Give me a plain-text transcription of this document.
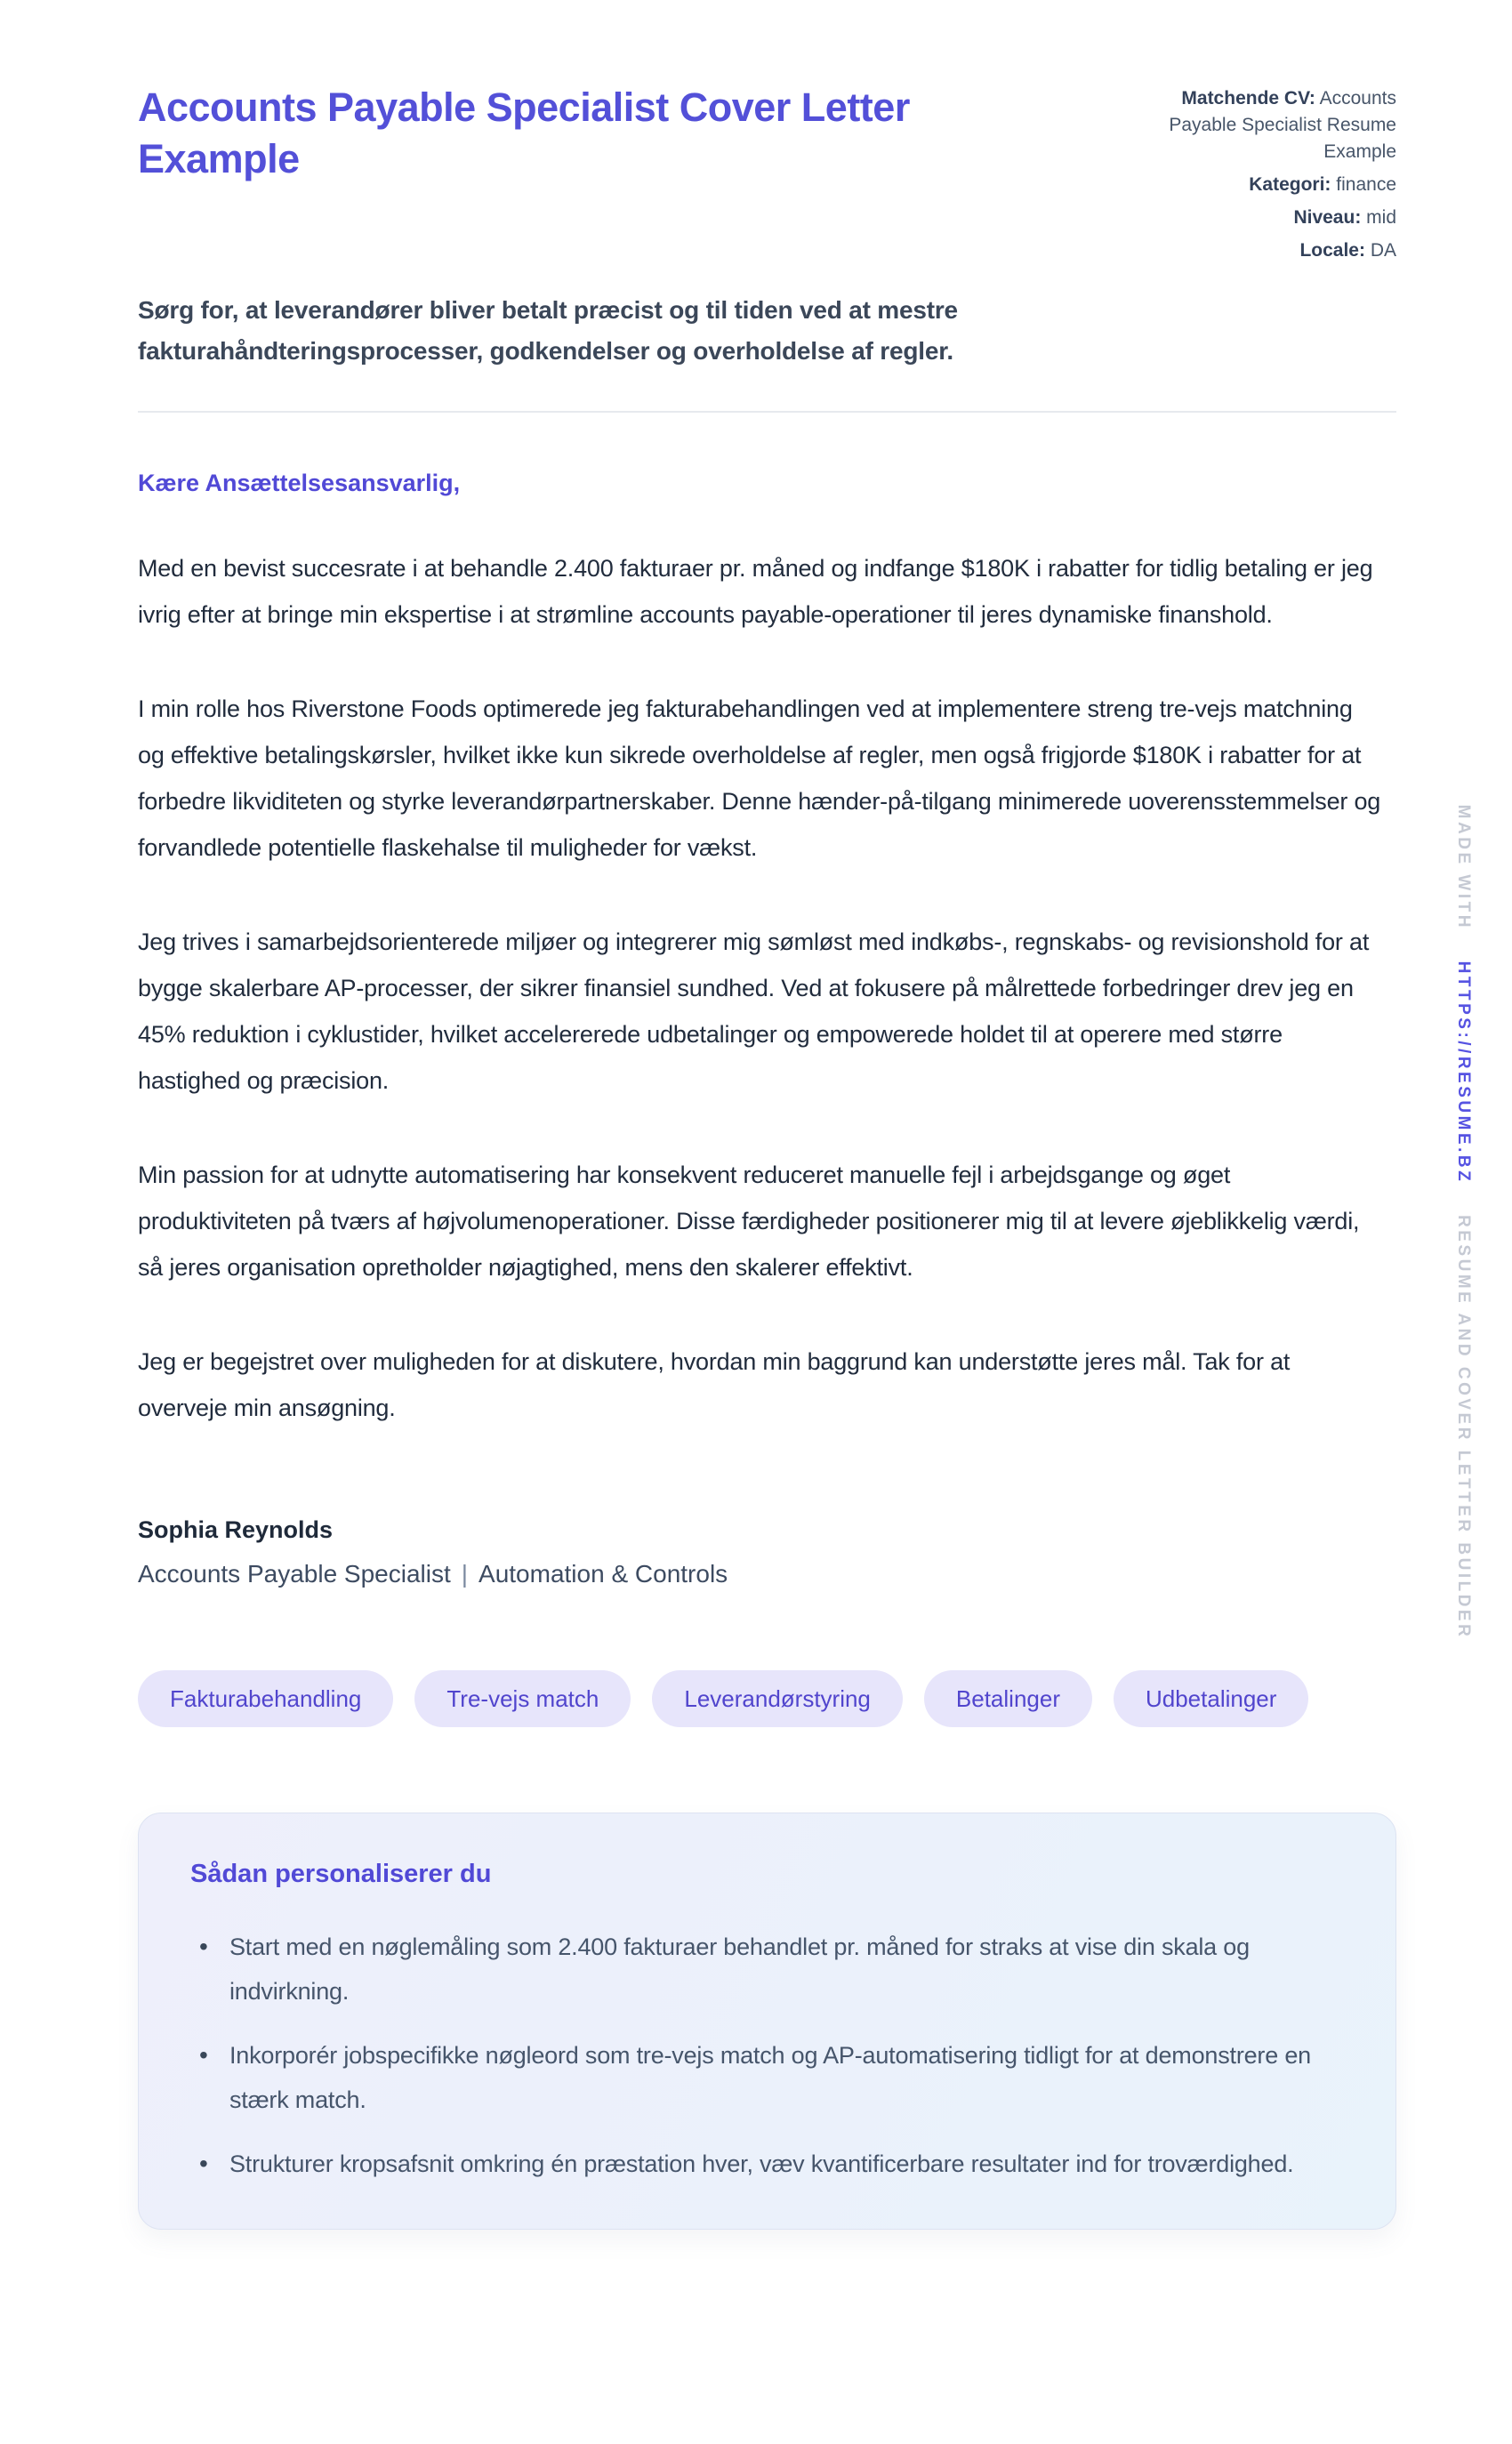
Accounts Payable Specialist Cover Letter Example
Matchende CV: Accounts Payable Specialist Resume Example
Kategori: finance
Niveau: mid
Locale: DA

Sørg for, at leverandører bliver betalt præcist og til tiden ved at mestre fakturahåndteringsprocesser, godkendelser og overholdelse af regler.

Kære Ansættelsesansvarlig,

Med en bevist succesrate i at behandle 2.400 fakturaer pr. måned og indfange $180K i rabatter for tidlig betaling er jeg ivrig efter at bringe min ekspertise i at strømline accounts payable-operationer til jeres dynamiske finanshold.

I min rolle hos Riverstone Foods optimerede jeg fakturabehandlingen ved at implementere streng tre-vejs matchning og effektive betalingskørsler, hvilket ikke kun sikrede overholdelse af regler, men også frigjorde $180K i rabatter for at forbedre likviditeten og styrke leverandørpartnerskaber. Denne hænder-på-tilgang minimerede uoverensstemmelser og forvandlede potentielle flaskehalse til muligheder for vækst.

Jeg trives i samarbejdsorienterede miljøer og integrerer mig sømløst med indkøbs-, regnskabs- og revisionshold for at bygge skalerbare AP-processer, der sikrer finansiel sundhed. Ved at fokusere på målrettede forbedringer drev jeg en 45% reduktion i cyklustider, hvilket accelererede udbetalinger og empowerede holdet til at operere med større hastighed og præcision.

Min passion for at udnytte automatisering har konsekvent reduceret manuelle fejl i arbejdsgange og øget produktiviteten på tværs af højvolumenoperationer. Disse færdigheder positionerer mig til at levere øjeblikkelig værdi, så jeres organisation opretholder nøjagtighed, mens den skalerer effektivt.

Jeg er begejstret over muligheden for at diskutere, hvordan min baggrund kan understøtte jeres mål. Tak for at overveje min ansøgning.

Sophia Reynolds

Accounts Payable Specialist | Automation & Controls

Fakturabehandling	Tre-vejs match	Leverandørstyring	Betalinger	Udbetalinger

Sådan personaliserer du

• Start med en nøglemåling som 2.400 fakturaer behandlet pr. måned for straks at vise din skala og indvirkning.
• Inkorporér jobspecifikke nøgleord som tre-vejs match og AP-automatisering tidligt for at demonstrere en stærk match.
• Strukturer kropsafsnit omkring én præstation hver, væv kvantificerbare resultater ind for troværdighed.
MADE WITH HTTPS://RESUME.BZ RESUME AND COVER LETTER BUILDER
